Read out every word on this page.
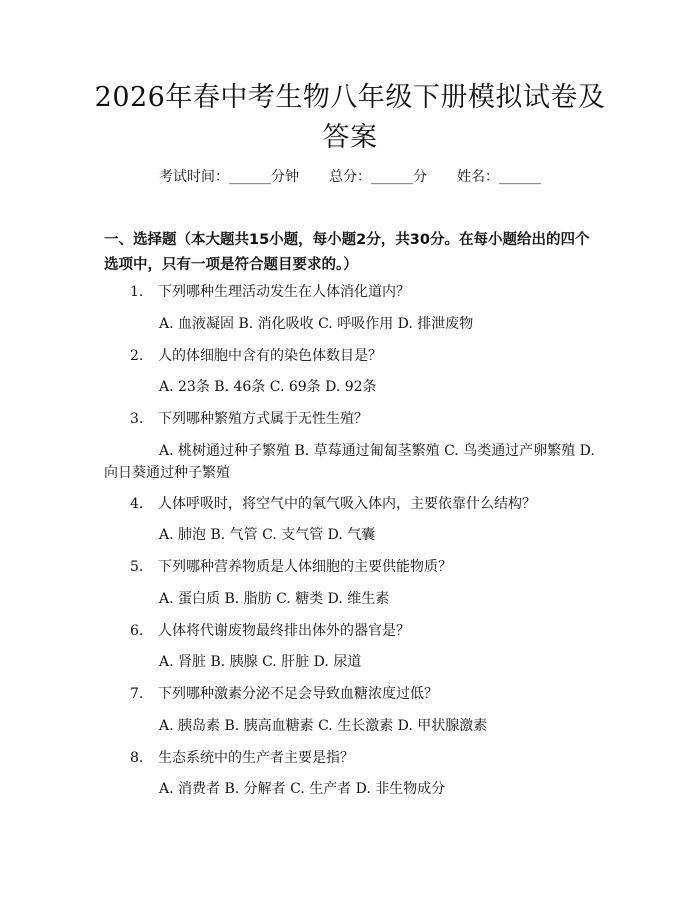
2026年春中考生物八年级下册模拟试卷及答案
考试时间：______分钟 总分：______分 姓名：______
一、选择题（本大题共15小题，每小题2分，共30分。在每小题给出的四个选项中，只有一项是符合题目要求的。）
1. 下列哪种生理活动发生在人体消化道内？
A. 血液凝固 B. 消化吸收 C. 呼吸作用 D. 排泄废物
2. 人的体细胞中含有的染色体数目是？
A. 23条 B. 46条 C. 69条 D. 92条
3. 下列哪种繁殖方式属于无性生殖？
A. 桃树通过种子繁殖 B. 草莓通过匍匐茎繁殖 C. 鸟类通过产卵繁殖 D. 向日葵通过种子繁殖
4. 人体呼吸时，将空气中的氧气吸入体内，主要依靠什么结构？
A. 肺泡 B. 气管 C. 支气管 D. 气囊
5. 下列哪种营养物质是人体细胞的主要供能物质？
A. 蛋白质 B. 脂肪 C. 糖类 D. 维生素
6. 人体将代谢废物最终排出体外的器官是？
A. 肾脏 B. 胰腺 C. 肝脏 D. 尿道
7. 下列哪种激素分泌不足会导致血糖浓度过低？
A. 胰岛素 B. 胰高血糖素 C. 生长激素 D. 甲状腺激素
8. 生态系统中的生产者主要是指？
A. 消费者 B. 分解者 C. 生产者 D. 非生物成分
